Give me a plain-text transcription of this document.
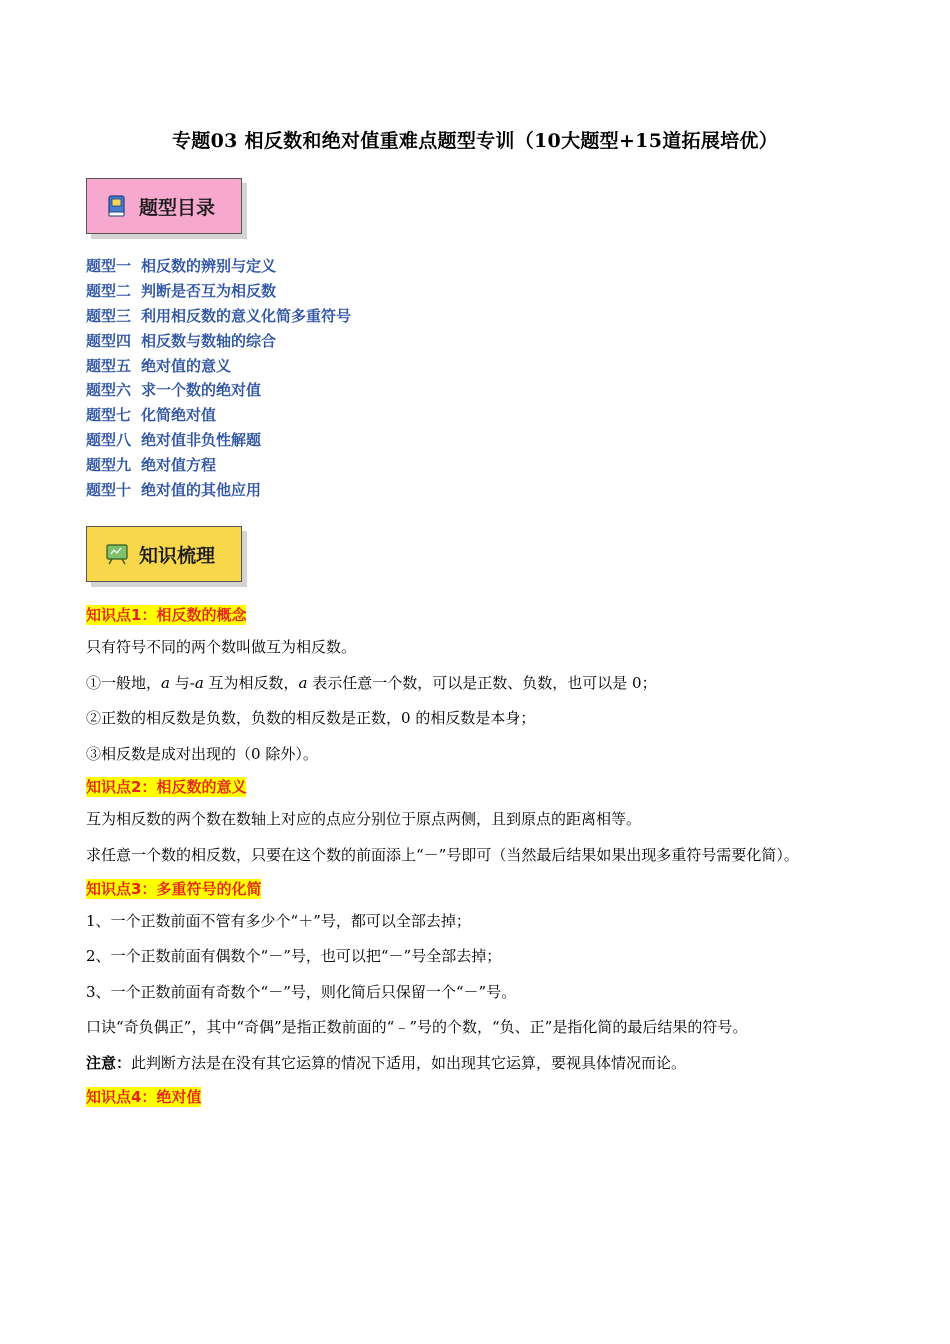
专题03 相反数和绝对值重难点题型专训（10大题型+15道拓展培优）
题型目录
题型一 相反数的辨别与定义
题型二 判断是否互为相反数
题型三 利用相反数的意义化简多重符号
题型四 相反数与数轴的综合
题型五 绝对值的意义
题型六 求一个数的绝对值
题型七 化简绝对值
题型八 绝对值非负性解题
题型九 绝对值方程
题型十 绝对值的其他应用
知识梳理
知识点1：相反数的概念

只有符号不同的两个数叫做互为相反数。

①一般地，a 与-a 互为相反数，a 表示任意一个数，可以是正数、负数，也可以是 0；

②正数的相反数是负数，负数的相反数是正数，0 的相反数是本身；

③相反数是成对出现的（0 除外）。

知识点2：相反数的意义

互为相反数的两个数在数轴上对应的点应分别位于原点两侧，且到原点的距离相等。

求任意一个数的相反数，只要在这个数的前面添上“－”号即可（当然最后结果如果出现多重符号需要化简）。

知识点3：多重符号的化简

1、一个正数前面不管有多少个“＋”号，都可以全部去掉；

2、一个正数前面有偶数个“－”号，也可以把“－”号全部去掉；

3、一个正数前面有奇数个“－”号，则化简后只保留一个“－”号。

口诀“奇负偶正”，其中“奇偶”是指正数前面的“﹣”号的个数，“负、正”是指化简的最后结果的符号。

注意：此判断方法是在没有其它运算的情况下适用，如出现其它运算，要视具体情况而论。

知识点4：绝对值
